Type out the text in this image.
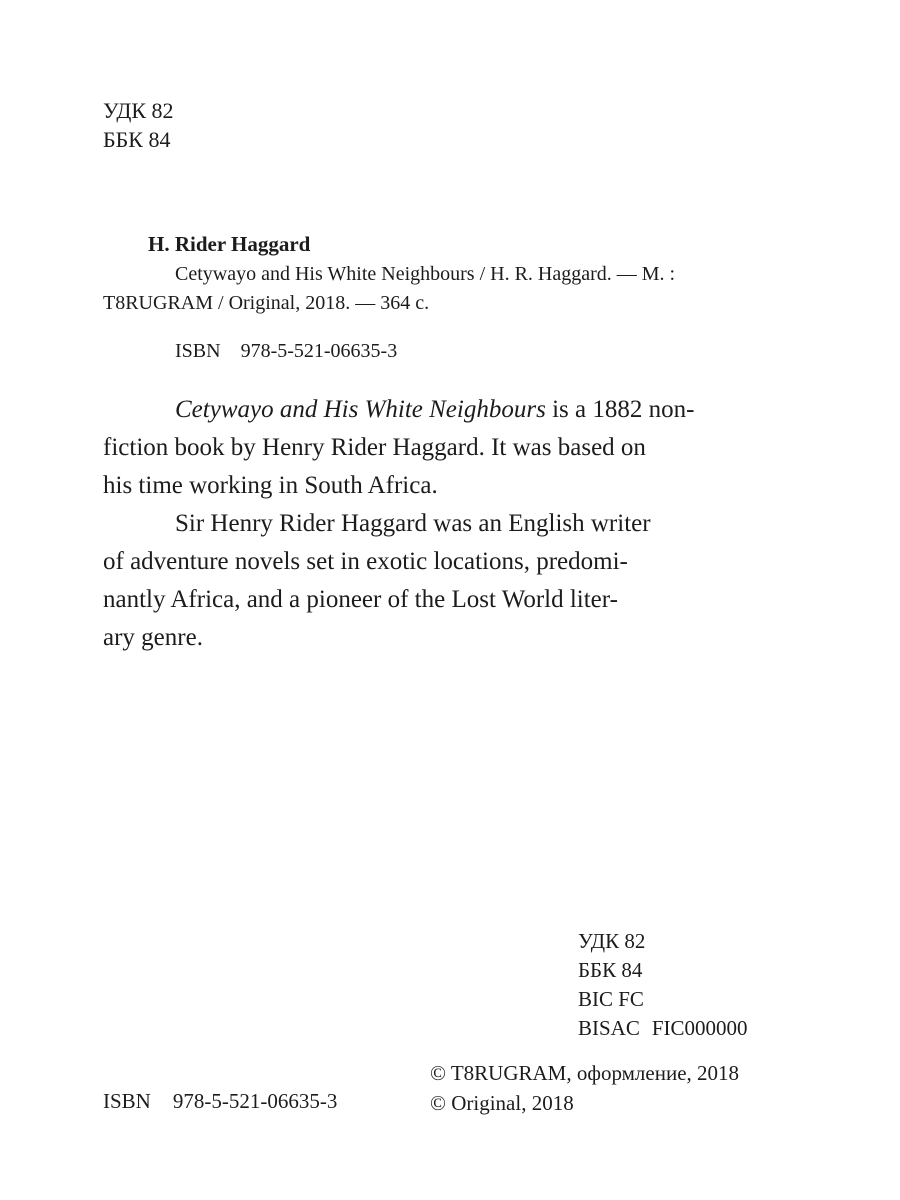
УДК 82
ББК 84
H. Rider Haggard
Cetywayo and His White Neighbours / H. R. Haggard. — M. :
T8RUGRAM / Original, 2018. — 364 c.
ISBN 978-5-521-06635-3
Cetywayo and His White Neighbours is a 1882 non-
fiction book by Henry Rider Haggard. It was based on
his time working in South Africa.
Sir Henry Rider Haggard was an English writer
of adventure novels set in exotic locations, predomi-
nantly Africa, and a pioneer of the Lost World liter-
ary genre.
УДК 82
ББК 84
BIC FC
BISAC FIC000000
© T8RUGRAM, оформление, 2018
© Original, 2018
ISBN 978-5-521-06635-3
